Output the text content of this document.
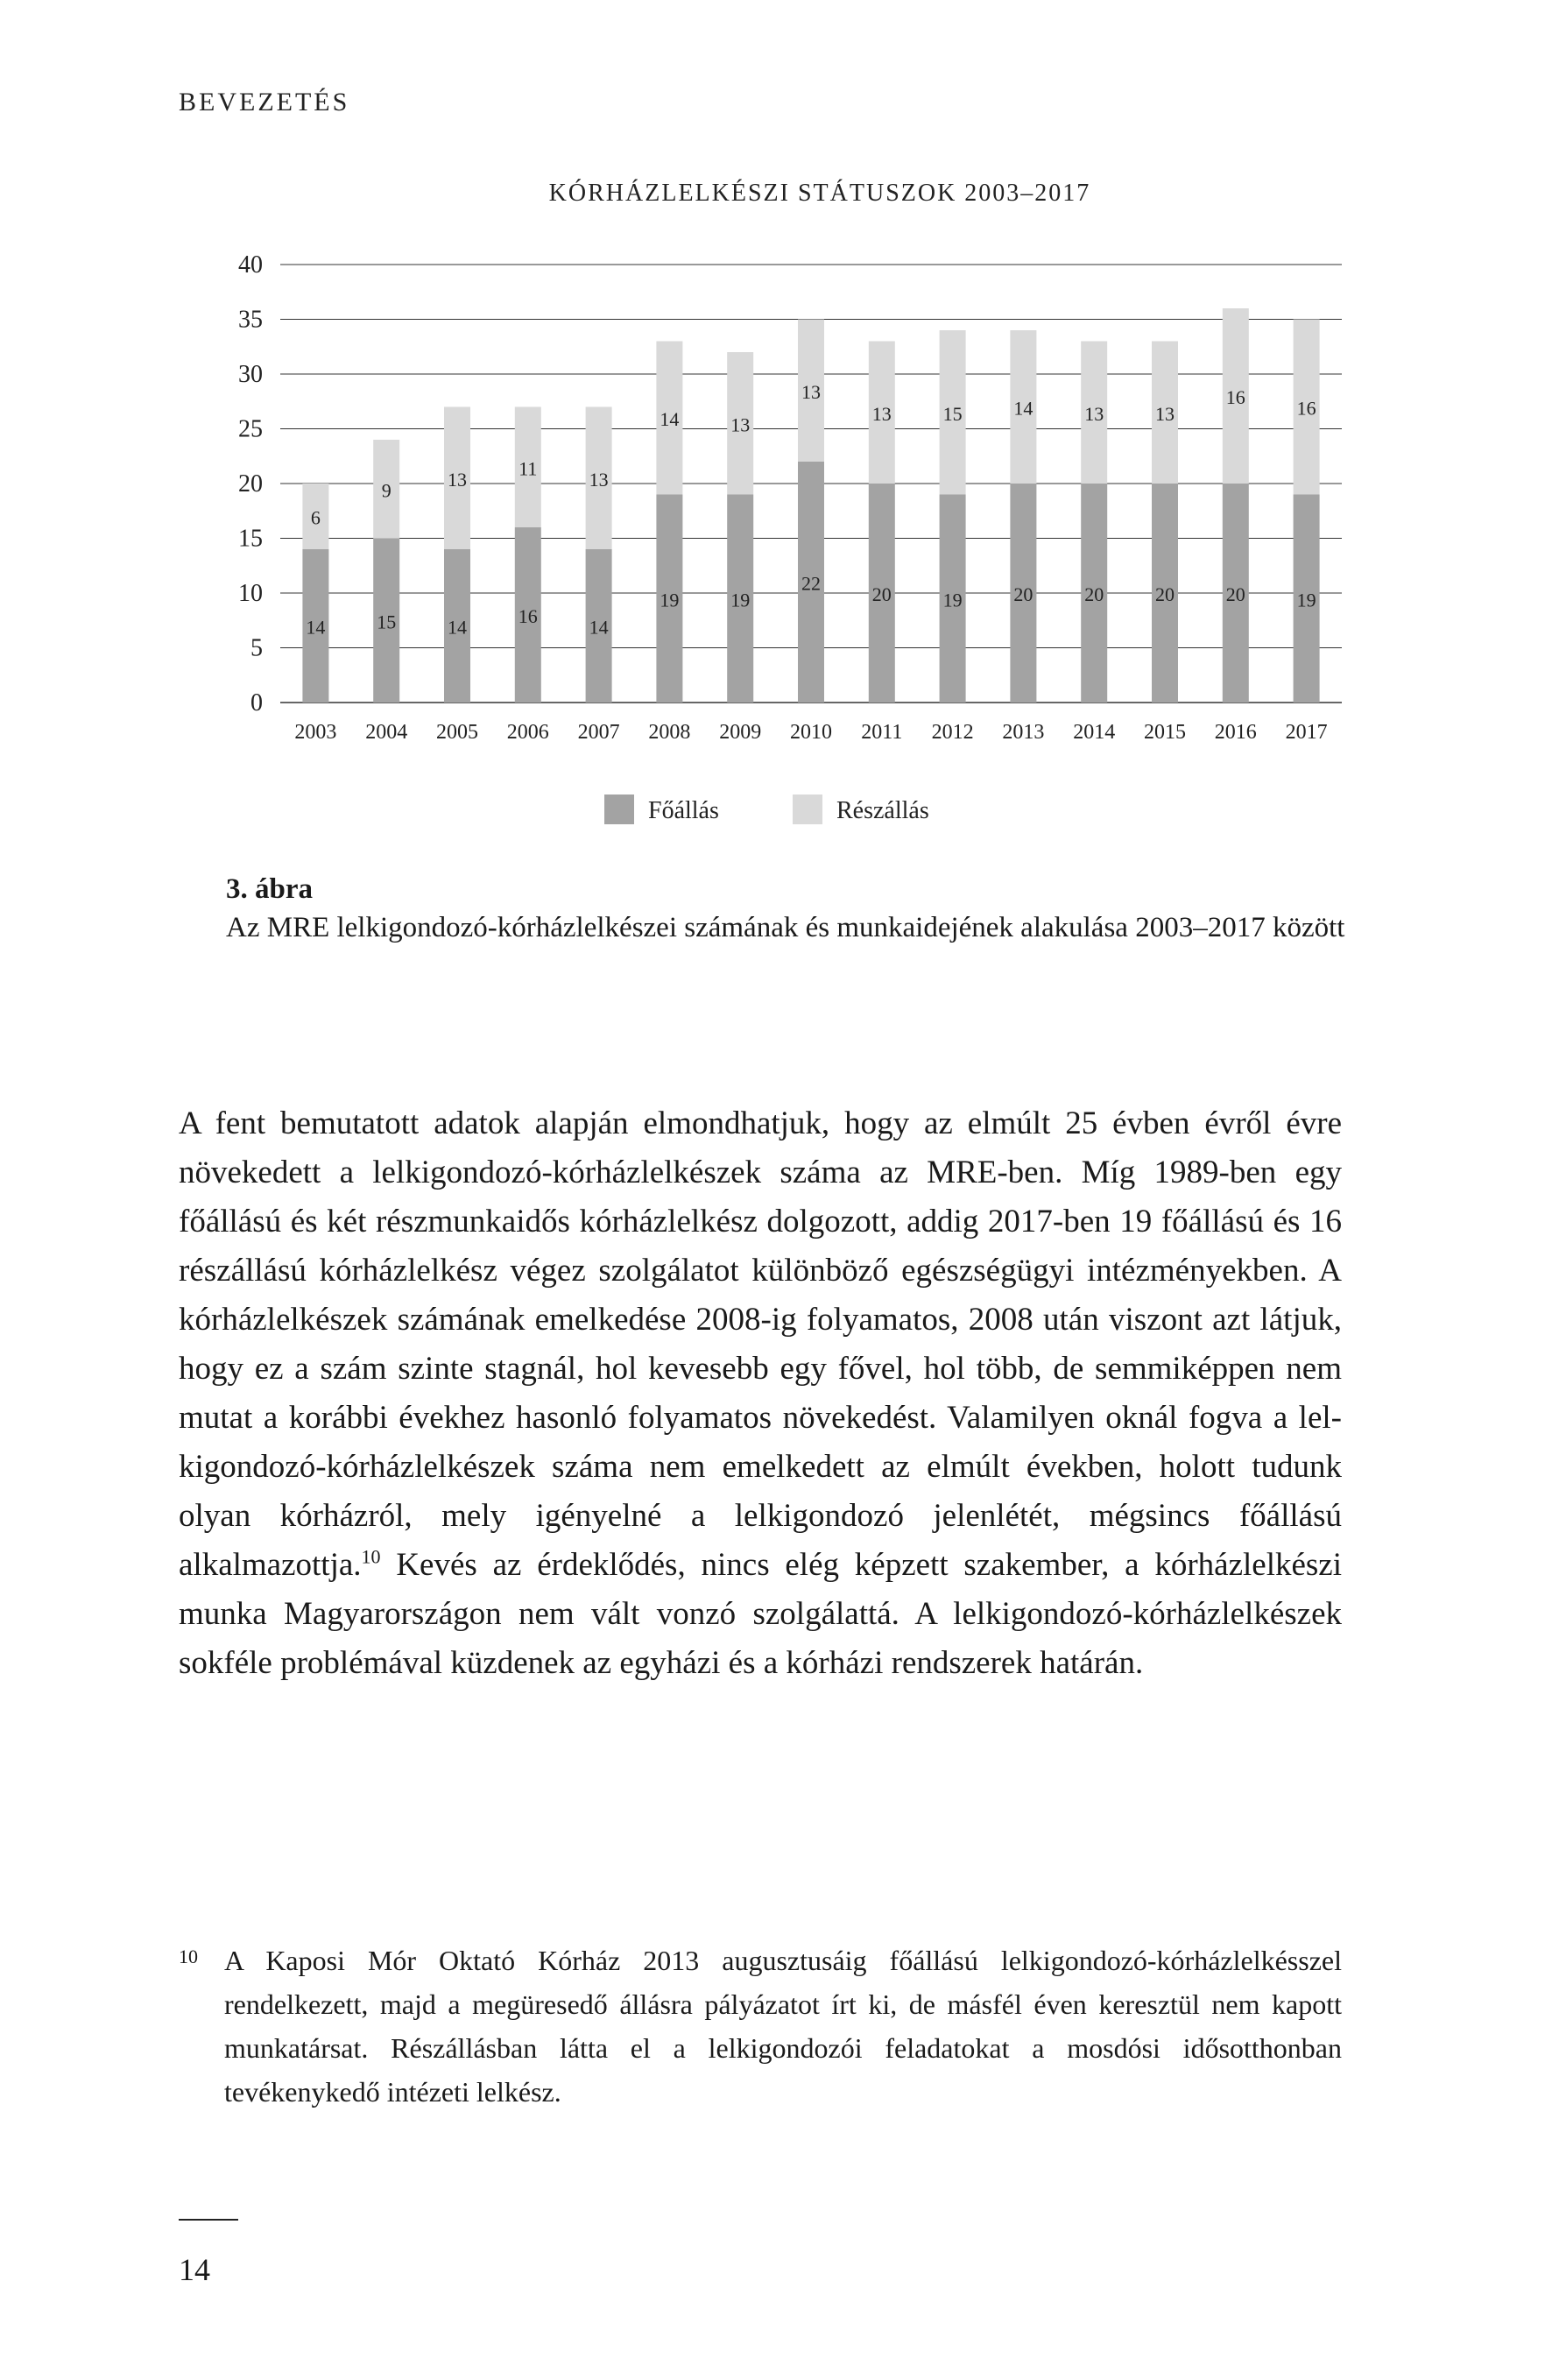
BEVEZETÉS
KÓRHÁZLELKÉSZI STÁTUSZOK 2003–2017
0
5
10
15
20
25
30
35
40
14
6
2003
15
9
2004
14
13
2005
16
11
2006
14
13
2007
19
14
2008
19
13
2009
22
13
2010
20
13
2011
19
15
2012
20
14
2013
20
13
2014
20
13
2015
20
16
2016
19
16
2017
Főállás	Részállás
3. ábra
Az MRE lelkigondozó-kórházlelkészei számának és munkaidejének alakulása 2003–2017 között
A fent bemutatott adatok alapján elmondhatjuk, hogy az elmúlt 25 évben évről évre növekedett a lelkigondozó-kórházlelkészek száma az MRE-ben. Míg 1989-ben egy főállású és két részmunkaidős kórházlelkész dolgozott, addig 2017-ben 19 főállású és 16 részállású kórházlelkész végez szolgálatot különböző egészségügyi intézményekben. A kórházlelkészek számának emelkedése 2008-ig folyamatos, 2008 után viszont azt látjuk, hogy ez a szám szinte stagnál, hol kevesebb egy fővel, hol több, de semmiképpen nem mutat a korábbi évekhez hasonló folyamatos növekedést. Valamilyen oknál fogva a lelkigondozó-kórházlelkészek száma nem emelkedett az elmúlt években, holott tudunk olyan kórházról, mely igényelné a lelkigondozó jelenlétét, mégsincs főállású alkalmazottja.$^{10}$ Kevés az érdeklődés, nincs elég képzett szakember, a kórházlelkészi munka Magyarországon nem vált vonzó szolgálattá. A lelkigondozó-kórházlelkészek sokféle problémával küzdenek az egyházi és a kórházi rendszerek határán.
10 A Kaposi Mór Oktató Kórház 2013 augusztusáig főállású lelkigondozó-kórházlelkésszel rendelkezett, majd a megüresedő állásra pályázatot írt ki, de másfél éven keresztül nem kapott munkatársat. Részállásban látta el a lelkigondozói feladatokat a mosdósi idősotthonban tevékenykedő intézeti lelkész.
14
